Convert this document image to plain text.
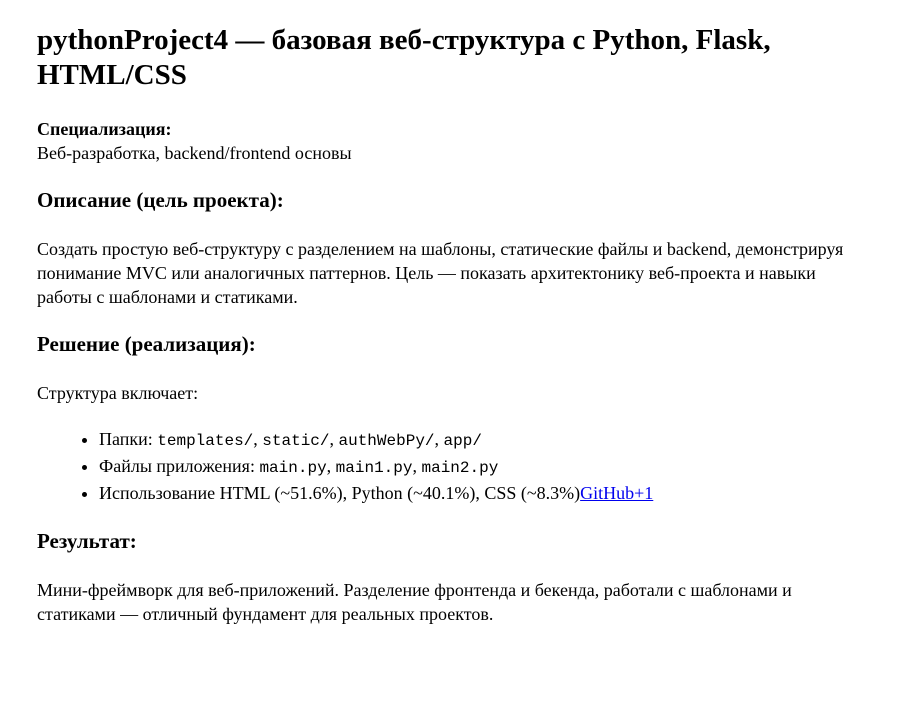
pythonProject4 — базовая веб-структура с Python, Flask, HTML/CSS
Специализация:
Веб-разработка, backend/frontend основы
Описание (цель проекта):

Создать простую веб-структуру с разделением на шаблоны, статические файлы и backend, демонстрируя понимание MVC или аналогичных паттернов. Цель — показать архитектонику веб-проекта и навыки работы с шаблонами и статиками.

Решение (реализация):

Структура включает:

• Папки: templates/, static/, authWebPy/, app/
• Файлы приложения: main.py, main1.py, main2.py
• Использование HTML (~51.6%), Python (~40.1%), CSS (~8.3%)GitHub+1
Результат:

Мини-фреймворк для веб-приложений. Разделение фронтенда и бекенда, работали с шаблонами и статиками — отличный фундамент для реальных проектов.
